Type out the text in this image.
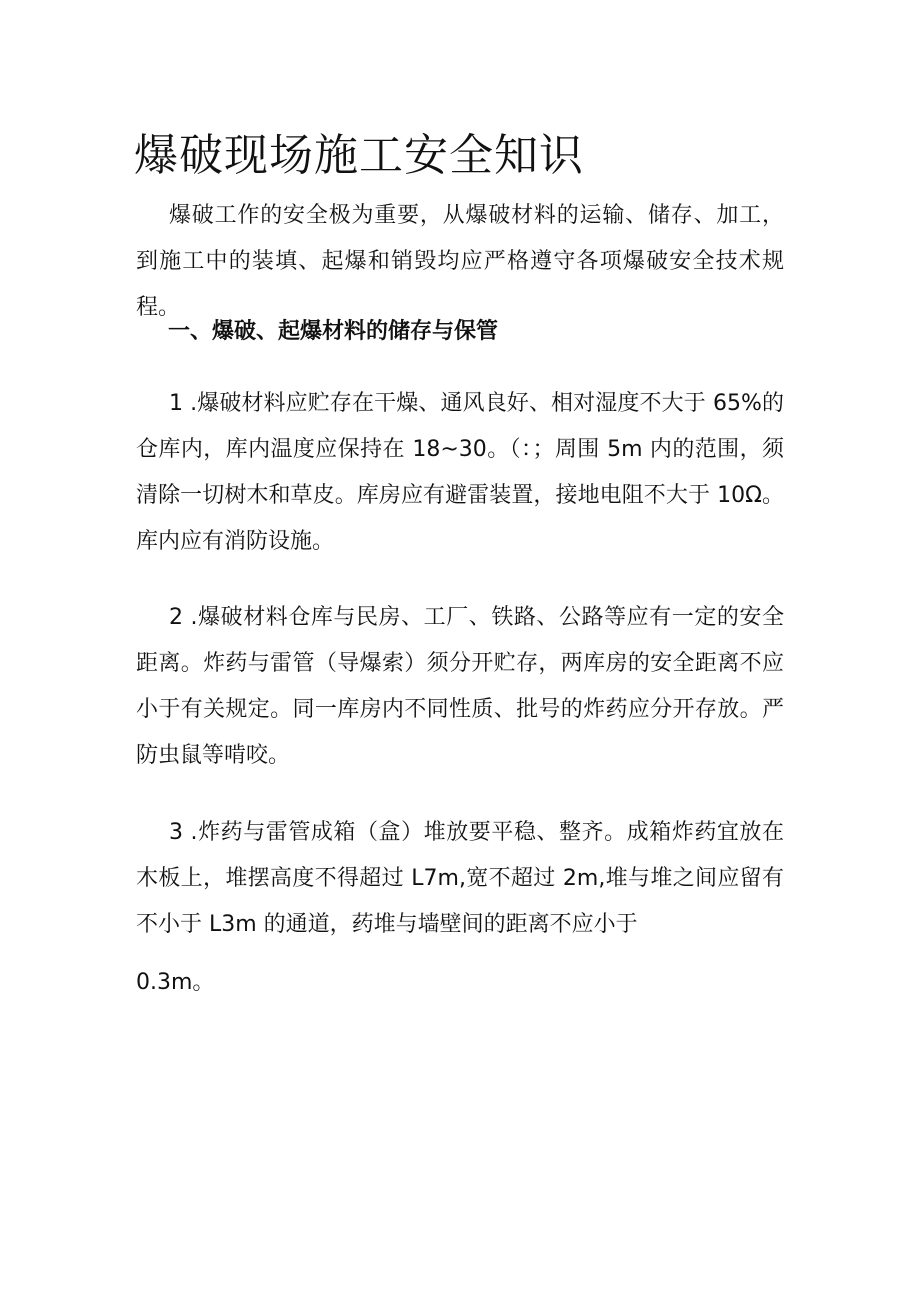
爆破现场施工安全知识

爆破工作的安全极为重要，从爆破材料的运输、储存、加工，到施工中的装填、起爆和销毁均应严格遵守各项爆破安全技术规程。

一、爆破、起爆材料的储存与保管

1 .爆破材料应贮存在干燥、通风良好、相对湿度不大于 65%的仓库内，库内温度应保持在 18~30。（：；周围 5m 内的范围，须清除一切树木和草皮。库房应有避雷装置，接地电阻不大于 10Ω。库内应有消防设施。

2 .爆破材料仓库与民房、工厂、铁路、公路等应有一定的安全距离。炸药与雷管（导爆索）须分开贮存，两库房的安全距离不应小于有关规定。同一库房内不同性质、批号的炸药应分开存放。严防虫鼠等啃咬。

3 .炸药与雷管成箱（盒）堆放要平稳、整齐。成箱炸药宜放在木板上，堆摆高度不得超过 L7m,宽不超过 2m,堆与堆之间应留有不小于 L3m 的通道，药堆与墙壁间的距离不应小于

0.3m。
